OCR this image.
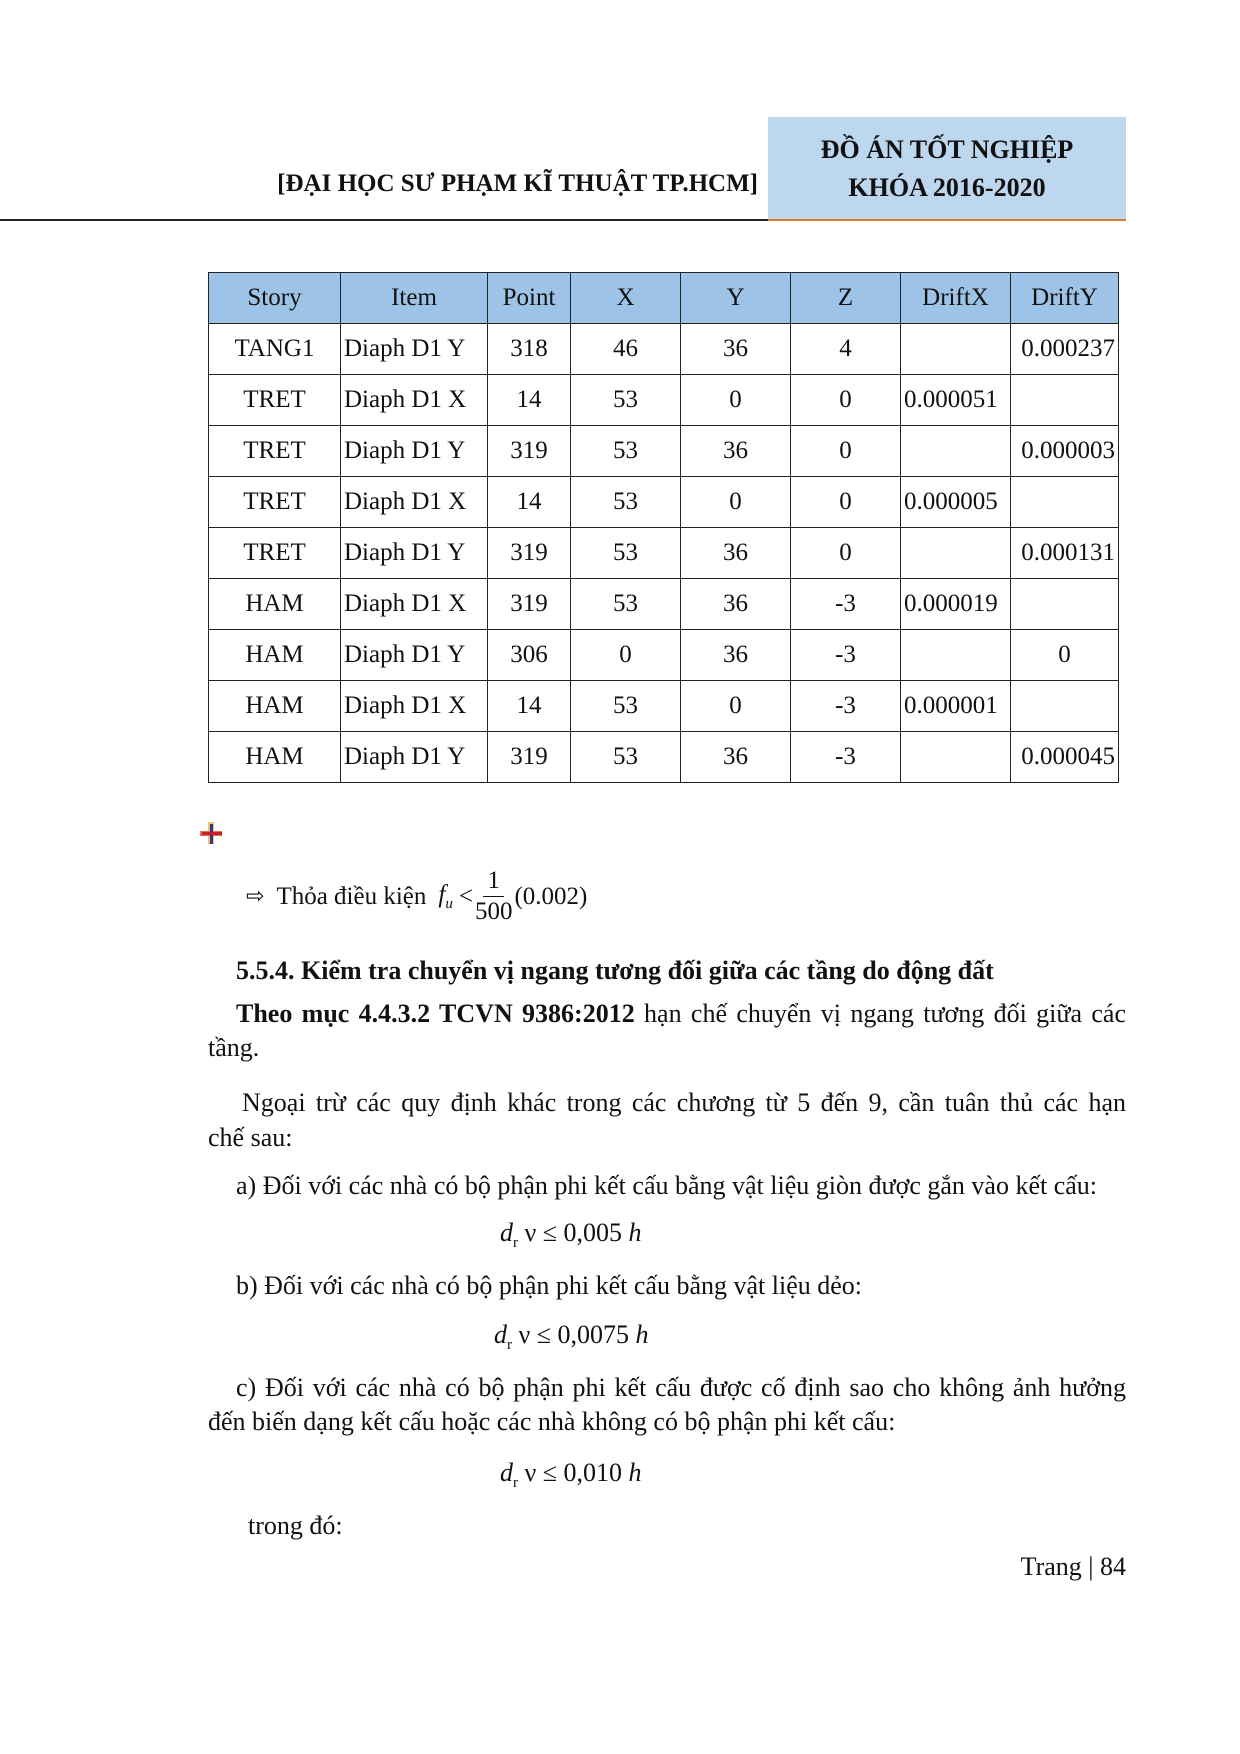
[ĐẠI HỌC SƯ PHẠM KĨ THUẬT TP.HCM]
ĐỒ ÁN TỐT NGHIỆP
KHÓA 2016-2020
Story	Item	Point	X	Y	Z	DriftX	DriftY
TANG1	Diaph D1 Y	318	46	36	4		0.000237
TRET	Diaph D1 X	14	53	0	0	0.000051	
TRET	Diaph D1 Y	319	53	36	0		0.000003
TRET	Diaph D1 X	14	53	0	0	0.000005	
TRET	Diaph D1 Y	319	53	36	0		0.000131
HAM	Diaph D1 X	319	53	36	-3	0.000019	
HAM	Diaph D1 Y	306	0	36	-3		0
HAM	Diaph D1 X	14	53	0	-3	0.000001	
HAM	Diaph D1 Y	319	53	36	-3		0.000045
⇨ Thỏa điều kiện $f_u < \frac{1}{500} (0.002)$
5.5.4. Kiểm tra chuyển vị ngang tương đối giữa các tầng do động đất
Theo mục 4.4.3.2 TCVN 9386:2012 hạn chế chuyển vị ngang tương đối giữa các
tầng.
Ngoại trừ các quy định khác trong các chương từ 5 đến 9, cần tuân thủ các hạn
chế sau:
a) Đối với các nhà có bộ phận phi kết cấu bằng vật liệu giòn được gắn vào kết cấu:
$d_r$ ν ≤ 0,005 h
b) Đối với các nhà có bộ phận phi kết cấu bằng vật liệu dẻo:
$d_r$ ν ≤ 0,0075 h
c) Đối với các nhà có bộ phận phi kết cấu được cố định sao cho không ảnh hưởng
đến biến dạng kết cấu hoặc các nhà không có bộ phận phi kết cấu:
$d_r$ ν ≤ 0,010 h
trong đó:
Trang | 84
